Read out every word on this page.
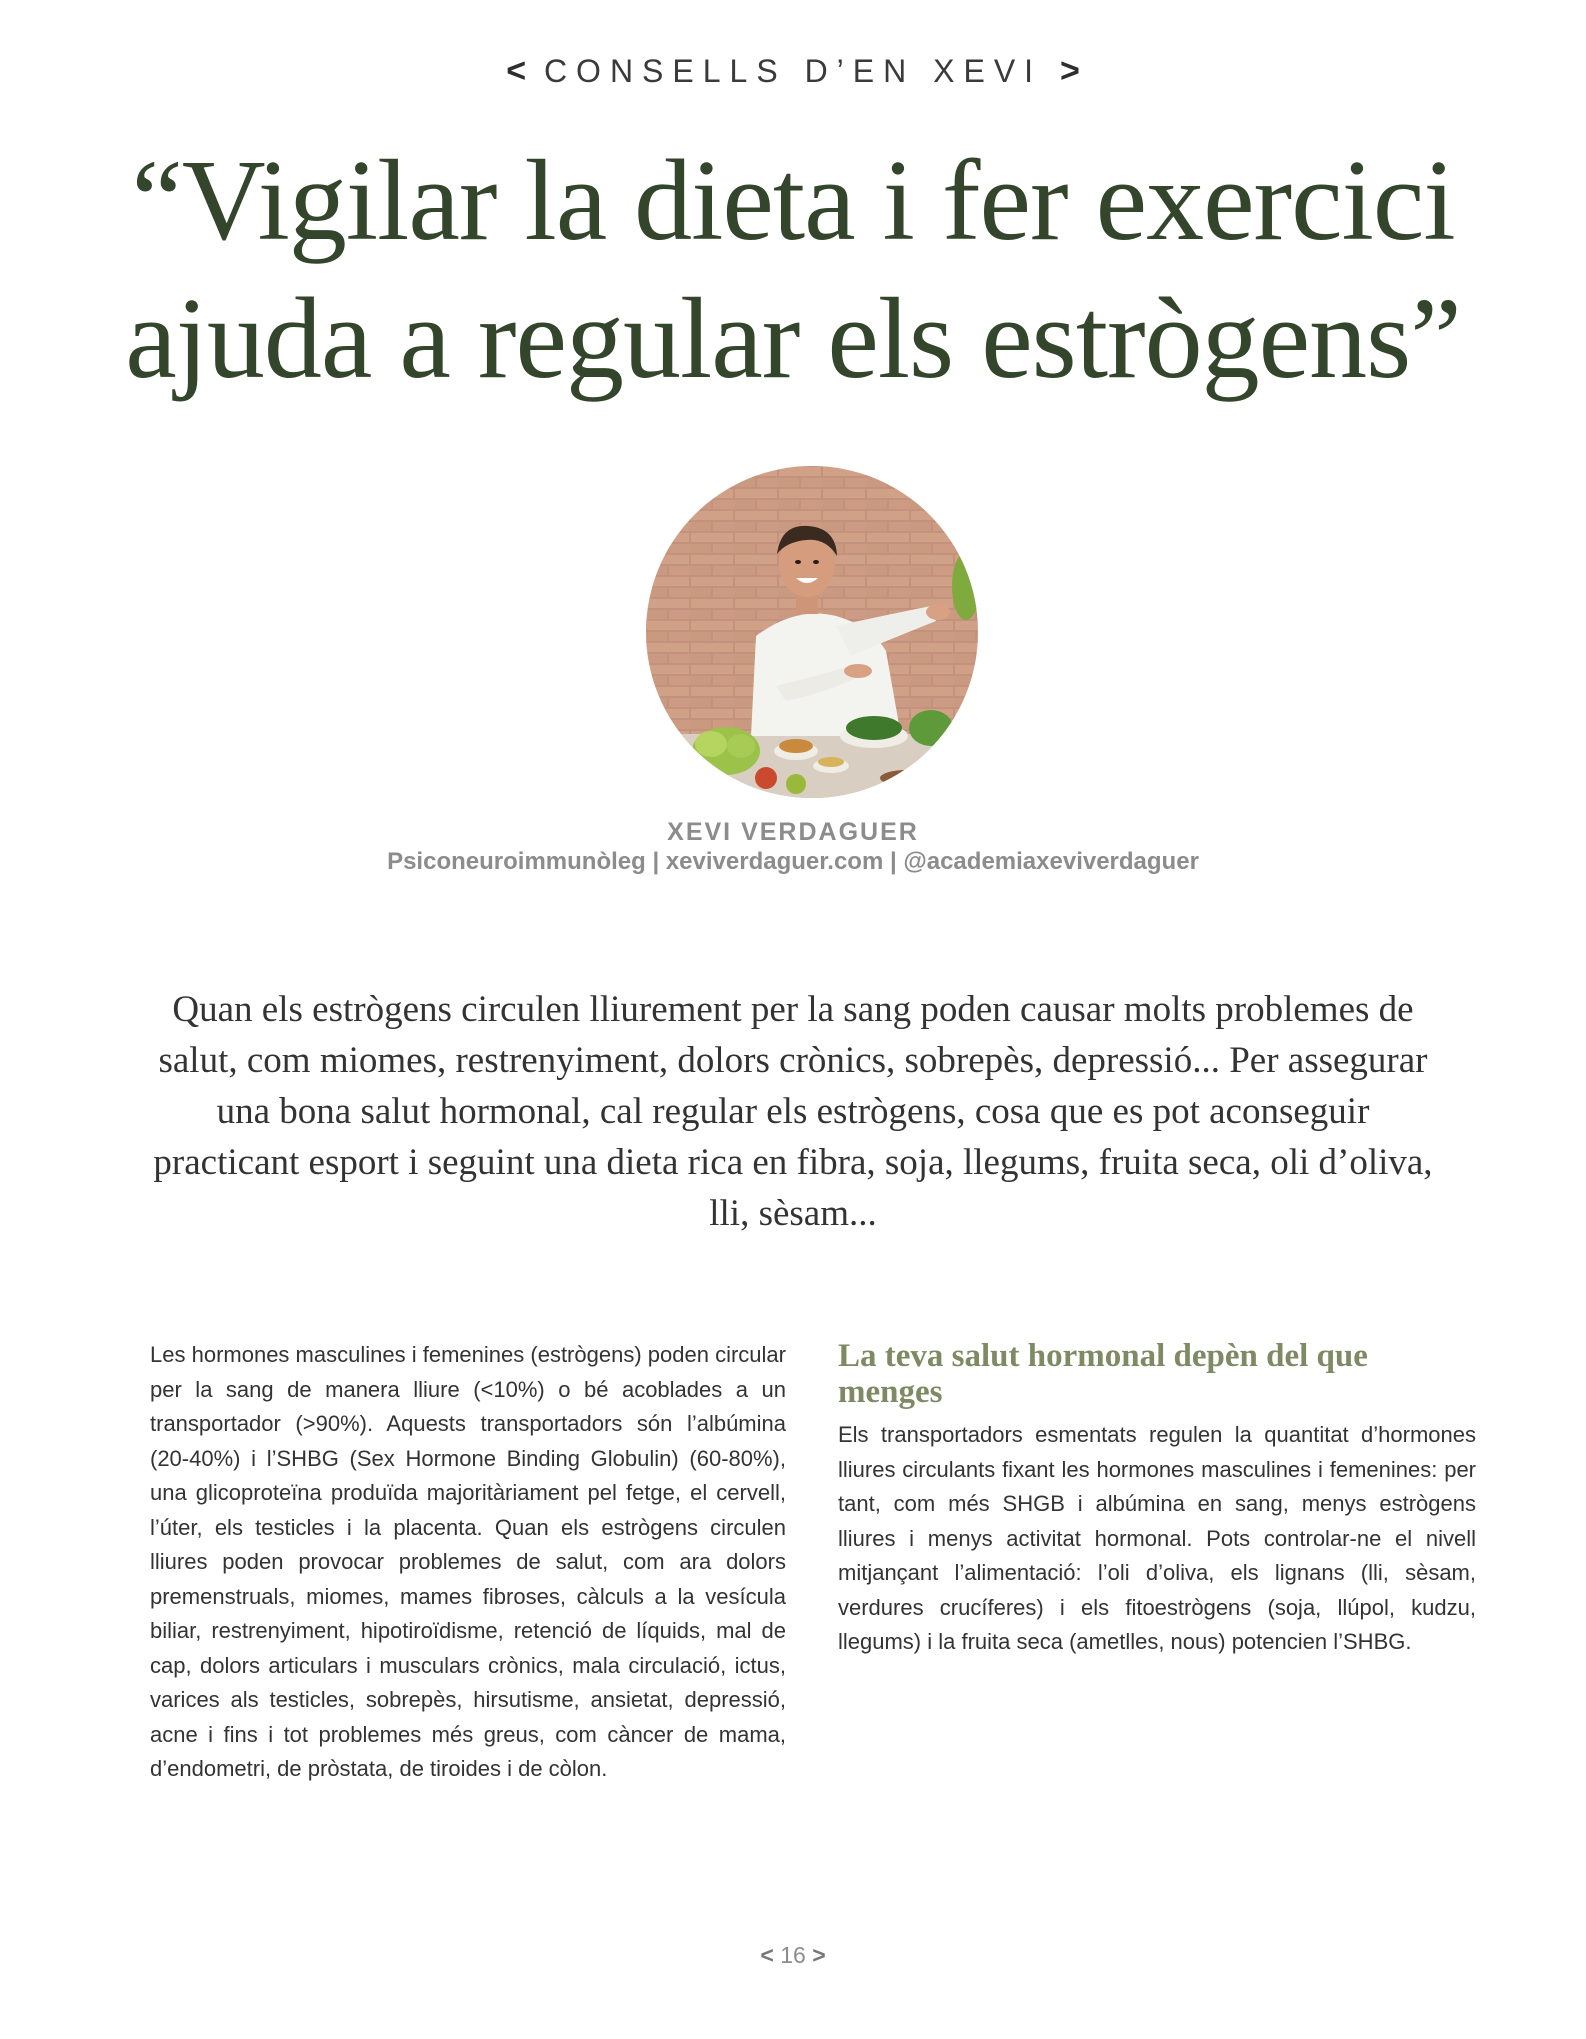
< CONSELLS D’EN XEVI >
“Vigilar la dieta i fer exercici
ajuda a regular els estrògens”
XEVI VERDAGUER
Psiconeuroimmunòleg | xeviverdaguer.com | @academiaxeviverdaguer

Quan els estrògens circulen lliurement per la sang poden causar molts problemes de salut, com miomes, restrenyiment, dolors crònics, sobrepès, depressió... Per assegurar una bona salut hormonal, cal regular els estrògens, cosa que es pot aconseguir practicant esport i seguint una dieta rica en fibra, soja, llegums, fruita seca, oli d’oliva, lli, sèsam...

Les hormones masculines i femenines (estrògens) poden circular per la sang de manera lliure (<10%) o bé acoblades a un transportador (>90%). Aquests transportadors són l’albúmina (20-40%) i l’SHBG (Sex Hormone Binding Globulin) (60-80%), una glicoproteïna produïda majoritàriament pel fetge, el cervell, l’úter, els testicles i la placenta. Quan els estrògens circulen lliures poden provocar problemes de salut, com ara dolors premenstruals, miomes, mames fibroses, càlculs a la vesícula biliar, restrenyiment, hipotiroïdisme, retenció de líquids, mal de cap, dolors articulars i musculars crònics, mala circulació, ictus, varices als testicles, sobrepès, hirsutisme, ansietat, depressió, acne i fins i tot problemes més greus, com càncer de mama, d’endometri, de pròstata, de tiroides i de còlon.

La teva salut hormonal depèn del que menges

Els transportadors esmentats regulen la quantitat d’hormones lliures circulants fixant les hormones masculines i femenines: per tant, com més SHGB i albúmina en sang, menys estrògens lliures i menys activitat hormonal. Pots controlar-ne el nivell mitjançant l’alimentació: l’oli d’oliva, els lignans (lli, sèsam, verdures crucíferes) i els fitoestrògens (soja, llúpol, kudzu, llegums) i la fruita seca (ametlles, nous) potencien l’SHBG.

< 16 >
